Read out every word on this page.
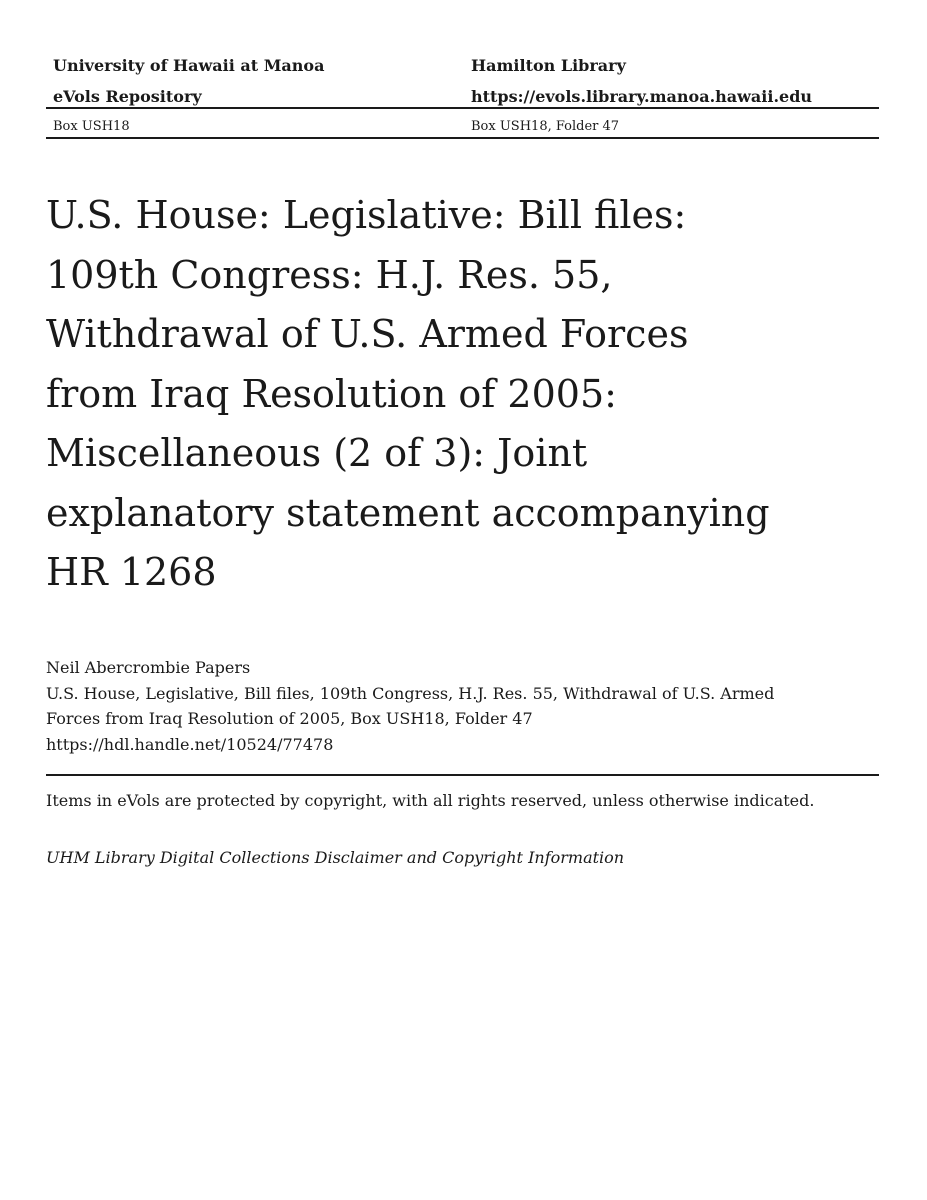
University of Hawaii at Manoa	Hamilton Library
eVols Repository	https://evols.library.manoa.hawaii.edu
Box USH18	Box USH18, Folder 47
U.S. House: Legislative: Bill files:
109th Congress: H.J. Res. 55,
Withdrawal of U.S. Armed Forces
from Iraq Resolution of 2005:
Miscellaneous (2 of 3): Joint
explanatory statement accompanying
HR 1268
Neil Abercrombie Papers
U.S. House, Legislative, Bill files, 109th Congress, H.J. Res. 55, Withdrawal of U.S. Armed
Forces from Iraq Resolution of 2005, Box USH18, Folder 47
https://hdl.handle.net/10524/77478
Items in eVols are protected by copyright, with all rights reserved, unless otherwise indicated.
UHM Library Digital Collections Disclaimer and Copyright Information
